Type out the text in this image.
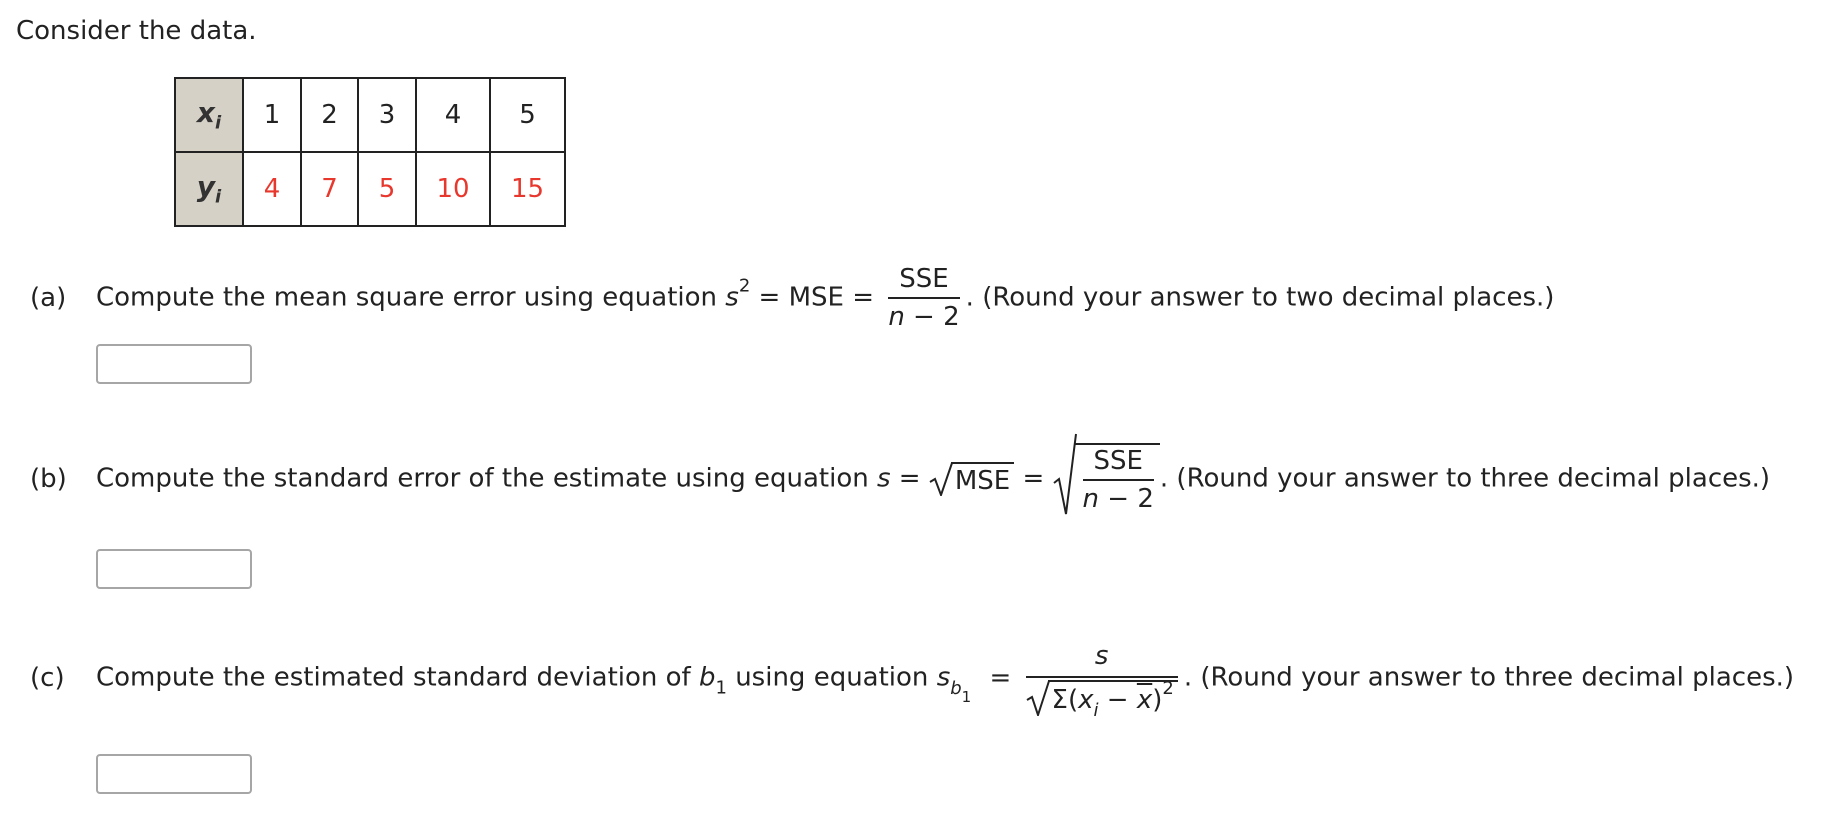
Consider the data.
$x_i$	1	2	3	4	5
$y_i$	4	7	5	10	15
(a) Compute the mean square error using equation $s^2$ = MSE = $\frac{\text{SSE}}{n - 2}$ . (Round your answer to two decimal places.)
(b) Compute the standard error of the estimate using equation s = MSE = $\frac{\text{SSE}}{n - 2}$ . (Round your answer to three decimal places.)
(c) Compute the estimated standard deviation of $b_1$ using equation $s_{b_1} = \frac{s}{\Sigma(x_i - \overline{x})^2}$ . (Round your answer to three decimal places.)
